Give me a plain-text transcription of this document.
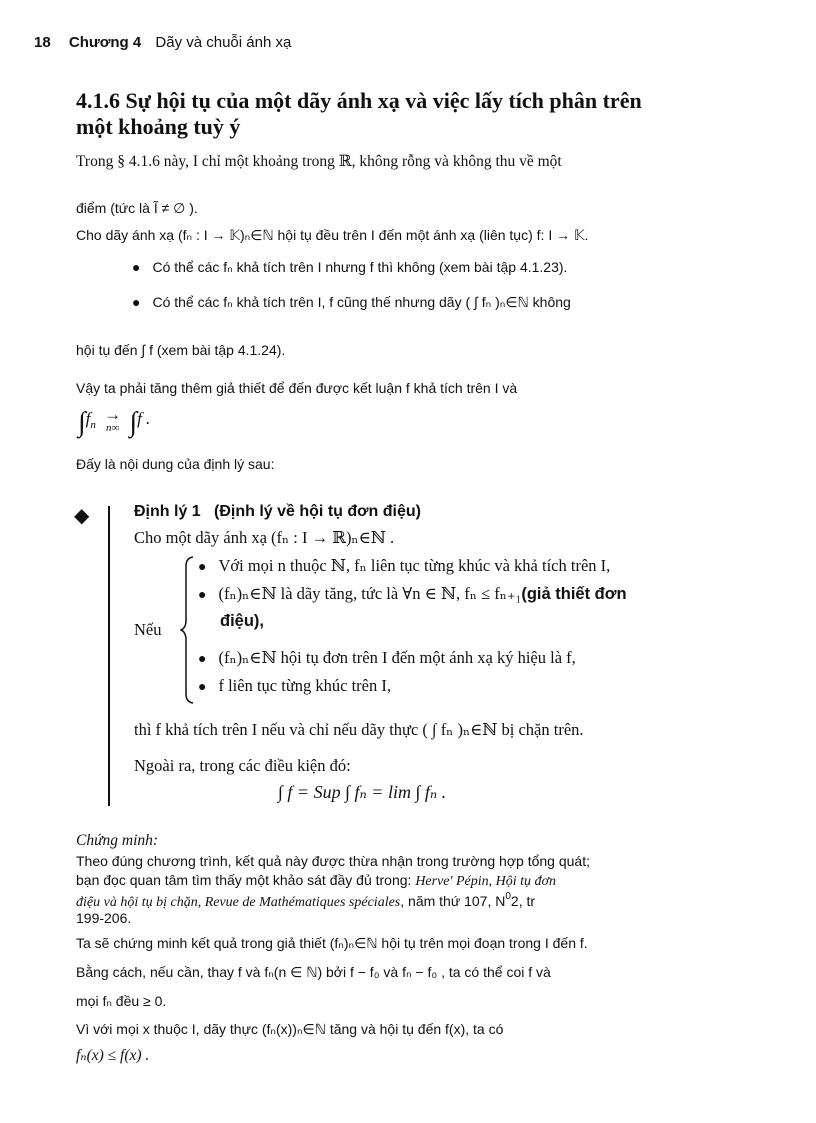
18 Chương 4 Dãy và chuỗi ánh xạ
4.1.6 Sự hội tụ của một dãy ánh xạ và việc lấy tích phân trên
một khoảng tuỳ ý
Trong § 4.1.6 này, I chỉ một khoảng trong ℝ, không rỗng và không thu về một
điểm (tức là Ĩ ≠ ∅ ).
Cho dãy ánh xạ (fₙ : I → 𝕂)ₙ∈ℕ hội tụ đều trên I đến một ánh xạ (liên tục) f: I → 𝕂.
● Có thể các fₙ khả tích trên I nhưng f thì không (xem bài tập 4.1.23).
● Có thể các fₙ khả tích trên I, f cũng thế nhưng dãy ( ∫ fₙ )ₙ∈ℕ không
hội tụ đến ∫ f (xem bài tập 4.1.24).
Vậy ta phải tăng thêm giả thiết để đến được kết luận f khả tích trên I và
$\int f_n$ →
n∞ ∫f .
Đấy là nội dung của định lý sau:
◆	Định lý 1 (Định lý về hội tụ đơn điệu)
Cho một dãy ánh xạ (fₙ : I → ℝ)ₙ∈ℕ .
Nếu
● Với mọi n thuộc ℕ, fₙ liên tục từng khúc và khả tích trên I,
● (fₙ)ₙ∈ℕ là dãy tăng, tức là ∀n ∈ ℕ, fₙ ≤ fₙ₊₁(giả thiết đơn
điệu),
● (fₙ)ₙ∈ℕ hội tụ đơn trên I đến một ánh xạ ký hiệu là f,
● f liên tục từng khúc trên I,
thì f khả tích trên I nếu và chỉ nếu dãy thực ( ∫ fₙ )ₙ∈ℕ bị chặn trên.
Ngoài ra, trong các điều kiện đó:
∫ f = Sup ∫ fₙ = lim ∫ fₙ .
Chứng minh:
Theo đúng chương trình, kết quả này được thừa nhận trong trường hợp tổng quát;
bạn đọc quan tâm tìm thấy một khảo sát đầy đủ trong: Herve' Pépin, Hội tụ đơn
điệu và hội tụ bị chặn, Revue de Mathématiques spéciales, năm thứ 107, $N^02$, tr
199-206.
Ta sẽ chứng minh kết quả trong giả thiết (fₙ)ₙ∈ℕ hội tụ trên mọi đoạn trong I đến f.
Bằng cách, nếu cần, thay f và fₙ(n ∈ ℕ) bởi f − f₀ và fₙ − f₀ , ta có thể coi f và
mọi fₙ đều ≥ 0.
Vì với mọi x thuộc I, dãy thực (fₙ(x))ₙ∈ℕ tăng và hội tụ đến f(x), ta có
fₙ(x) ≤ f(x) .
